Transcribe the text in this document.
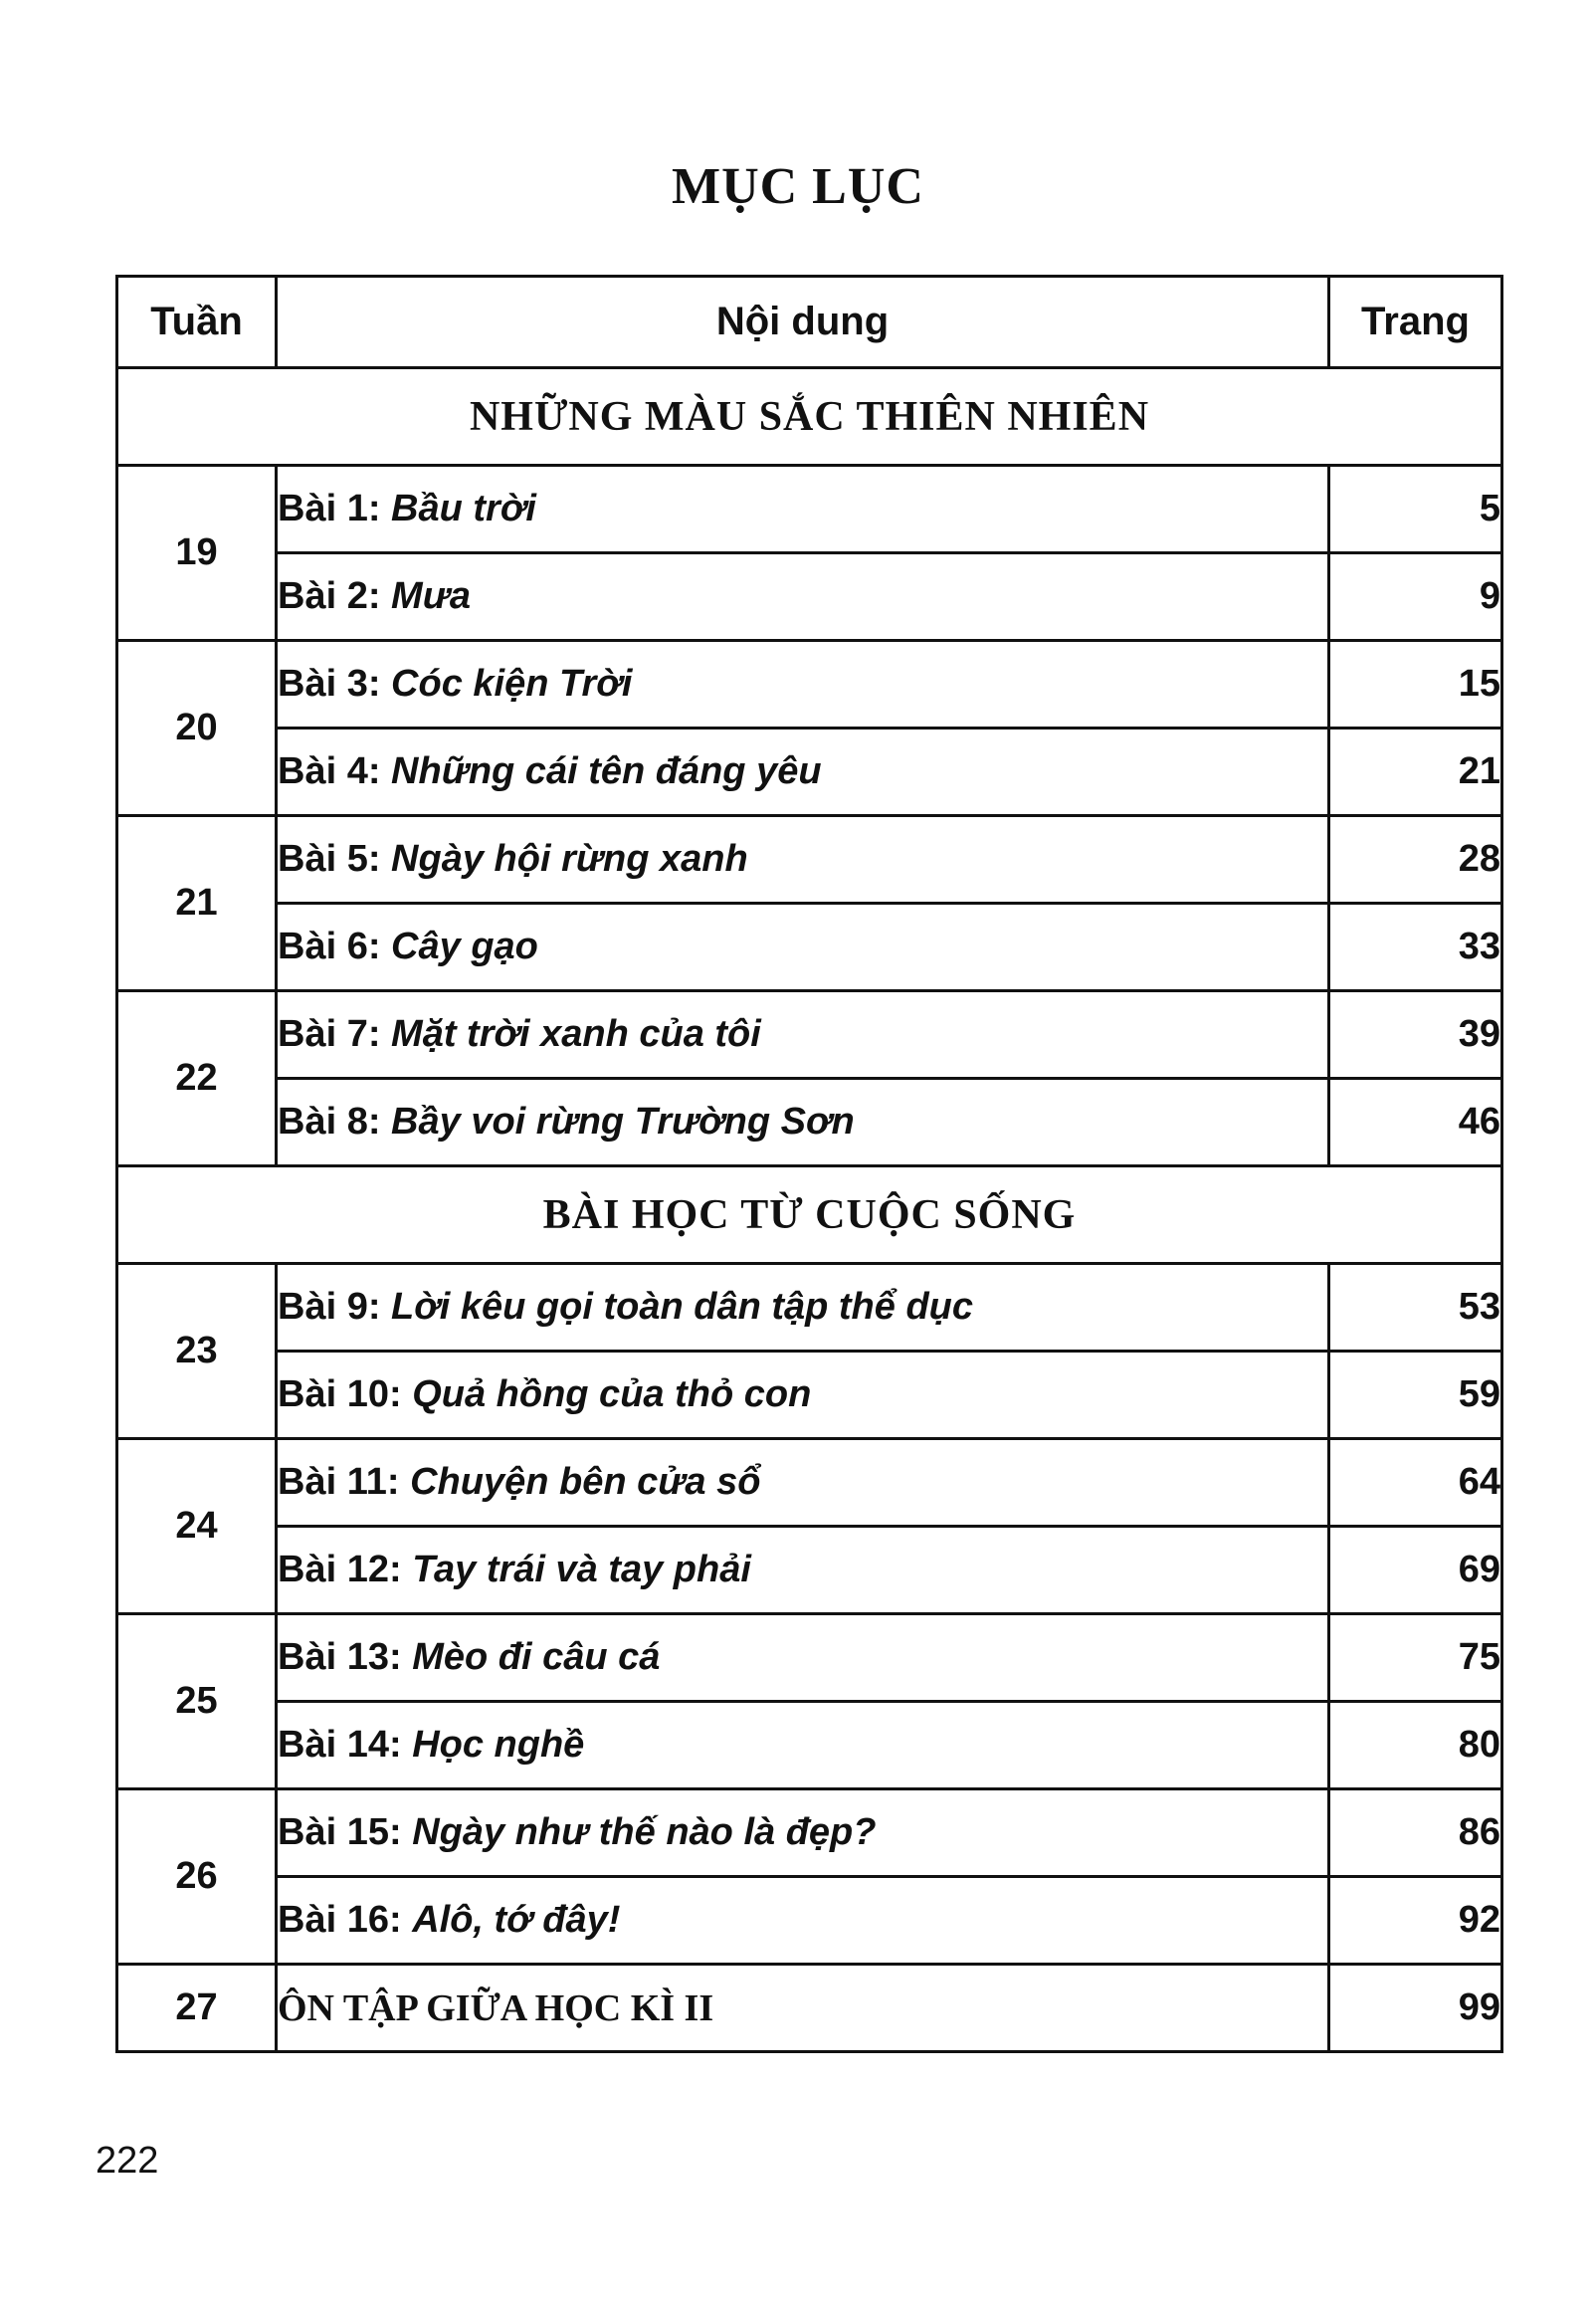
MỤC LỤC
Tuần	Nội dung	Trang
NHỮNG MÀU SẮC THIÊN NHIÊN		
19	Bài 1: Bầu trời	5
	Bài 2: Mưa	9
20	Bài 3: Cóc kiện Trời	15
	Bài 4: Những cái tên đáng yêu	21
21	Bài 5: Ngày hội rừng xanh	28
	Bài 6: Cây gạo	33
22	Bài 7: Mặt trời xanh của tôi	39
	Bài 8: Bầy voi rừng Trường Sơn	46
BÀI HỌC TỪ CUỘC SỐNG		
23	Bài 9: Lời kêu gọi toàn dân tập thể dục	53
	Bài 10: Quả hồng của thỏ con	59
24	Bài 11: Chuyện bên cửa sổ	64
	Bài 12: Tay trái và tay phải	69
25	Bài 13: Mèo đi câu cá	75
	Bài 14: Học nghề	80
26	Bài 15: Ngày như thế nào là đẹp?	86
	Bài 16: Alô, tớ đây!	92
27	ÔN TẬP GIỮA HỌC KÌ II	99
222
